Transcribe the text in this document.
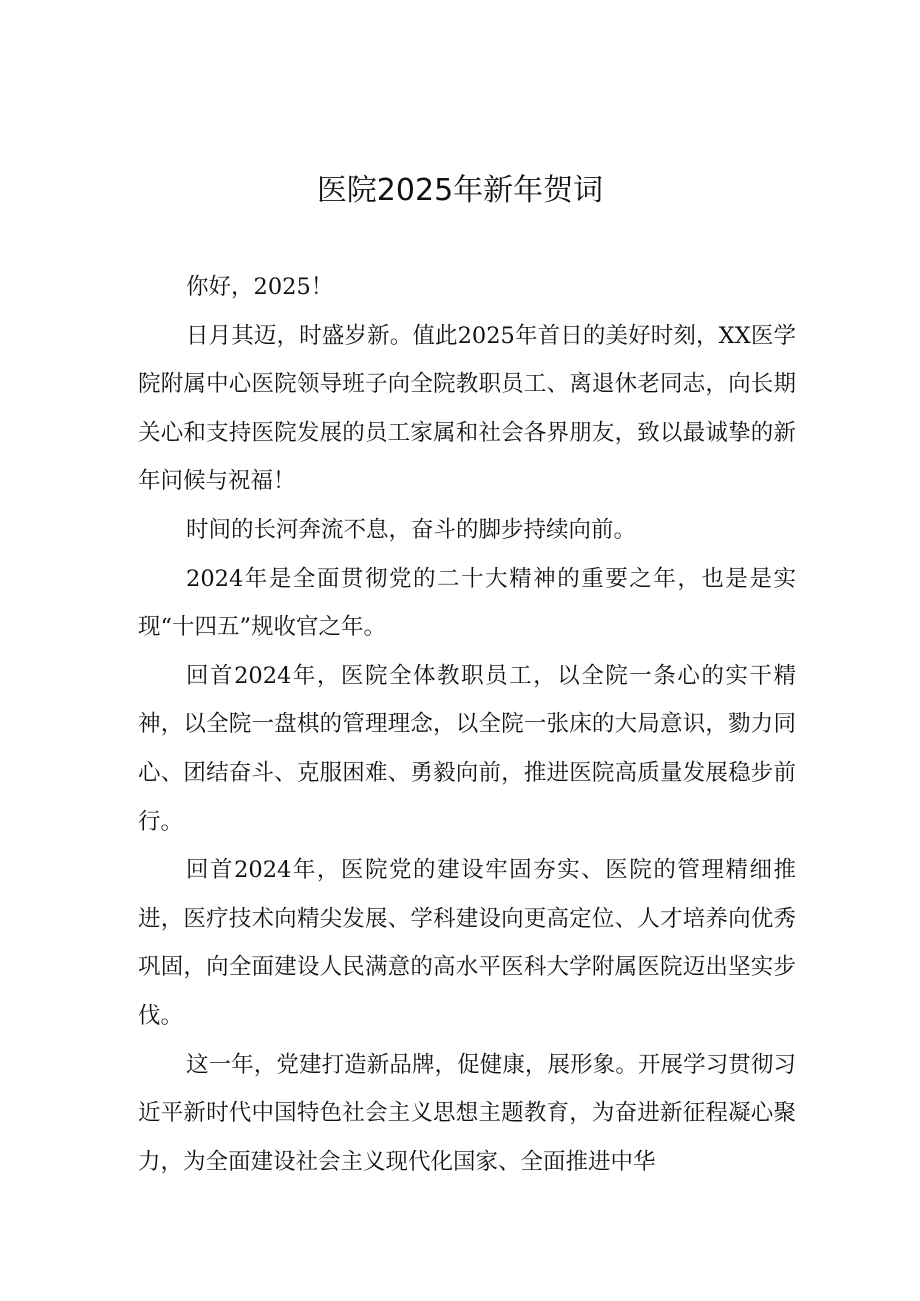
医院2025年新年贺词

你好，2025！

日月其迈，时盛岁新。值此2025年首日的美好时刻，XX医学院附属中心医院领导班子向全院教职员工、离退休老同志，向长期关心和支持医院发展的员工家属和社会各界朋友，致以最诚挚的新年问候与祝福！

时间的长河奔流不息，奋斗的脚步持续向前。

2024年是全面贯彻党的二十大精神的重要之年，也是是实现“十四五”规收官之年。

回首2024年，医院全体教职员工，以全院一条心的实干精神，以全院一盘棋的管理理念，以全院一张床的大局意识，勠力同心、团结奋斗、克服困难、勇毅向前，推进医院高质量发展稳步前行。

回首2024年，医院党的建设牢固夯实、医院的管理精细推进，医疗技术向精尖发展、学科建设向更高定位、人才培养向优秀巩固，向全面建设人民满意的高水平医科大学附属医院迈出坚实步伐。

这一年，党建打造新品牌，促健康，展形象。开展学习贯彻习近平新时代中国特色社会主义思想主题教育，为奋进新征程凝心聚力，为全面建设社会主义现代化国家、全面推进中华
